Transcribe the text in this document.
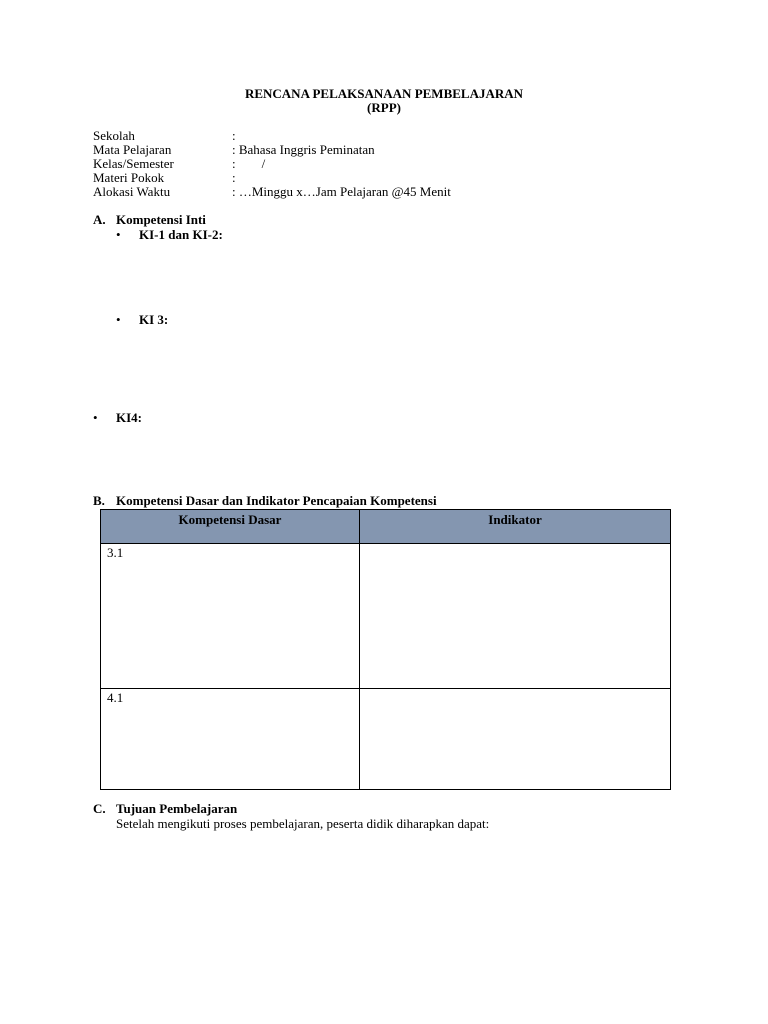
RENCANA PELAKSANAAN PEMBELAJARAN
(RPP)
Sekolah	:
Mata Pelajaran	: Bahasa Inggris Peminatan
Kelas/Semester	:        /
Materi Pokok	:
Alokasi Waktu	: …Minggu x…Jam Pelajaran @45 Menit
A. Kompetensi Inti
• KI-1 dan KI-2:
• KI 3:
• KI4:
B. Kompetensi Dasar dan Indikator Pencapaian Kompetensi
Kompetensi Dasar	Indikator
3.1	
4.1	
C. Tujuan Pembelajaran
Setelah mengikuti proses pembelajaran, peserta didik diharapkan dapat:
